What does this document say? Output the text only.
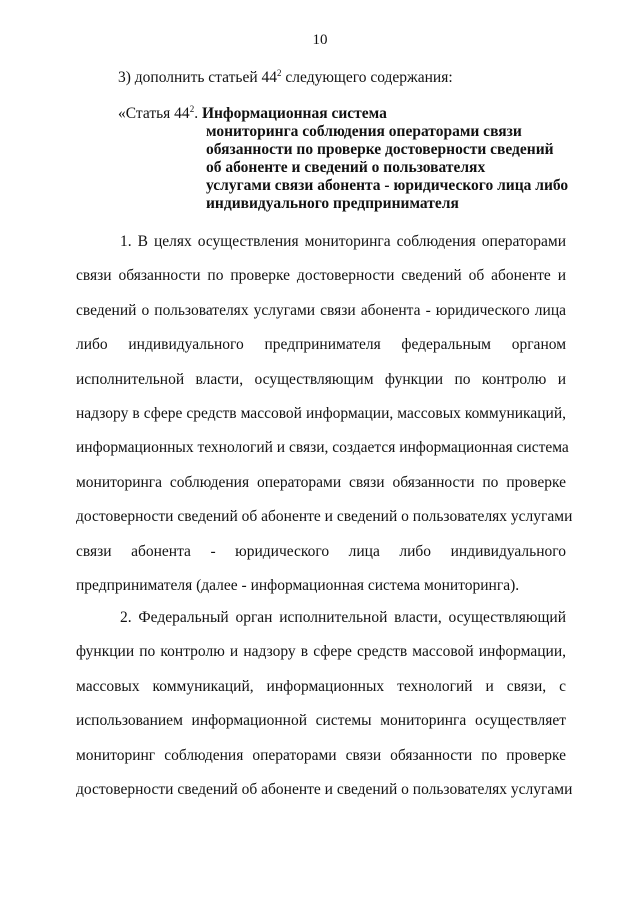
10
3) дополнить статьей $44^2$ следующего содержания:
«Статья $44^2$. Информационная система
мониторинга соблюдения операторами связи
обязанности по проверке достоверности сведений
об абоненте и сведений о пользователях
услугами связи абонента - юридического лица либо
индивидуального предпринимателя
1. В целях осуществления мониторинга соблюдения операторами
связи обязанности по проверке достоверности сведений об абоненте и
сведений о пользователях услугами связи абонента - юридического лица
либо индивидуального предпринимателя федеральным органом
исполнительной власти, осуществляющим функции по контролю и
надзору в сфере средств массовой информации, массовых коммуникаций,
информационных технологий и связи, создается информационная система
мониторинга соблюдения операторами связи обязанности по проверке
достоверности сведений об абоненте и сведений о пользователях услугами
связи абонента - юридического лица либо индивидуального
предпринимателя (далее - информационная система мониторинга).
2. Федеральный орган исполнительной власти, осуществляющий
функции по контролю и надзору в сфере средств массовой информации,
массовых коммуникаций, информационных технологий и связи, с
использованием информационной системы мониторинга осуществляет
мониторинг соблюдения операторами связи обязанности по проверке
достоверности сведений об абоненте и сведений о пользователях услугами
